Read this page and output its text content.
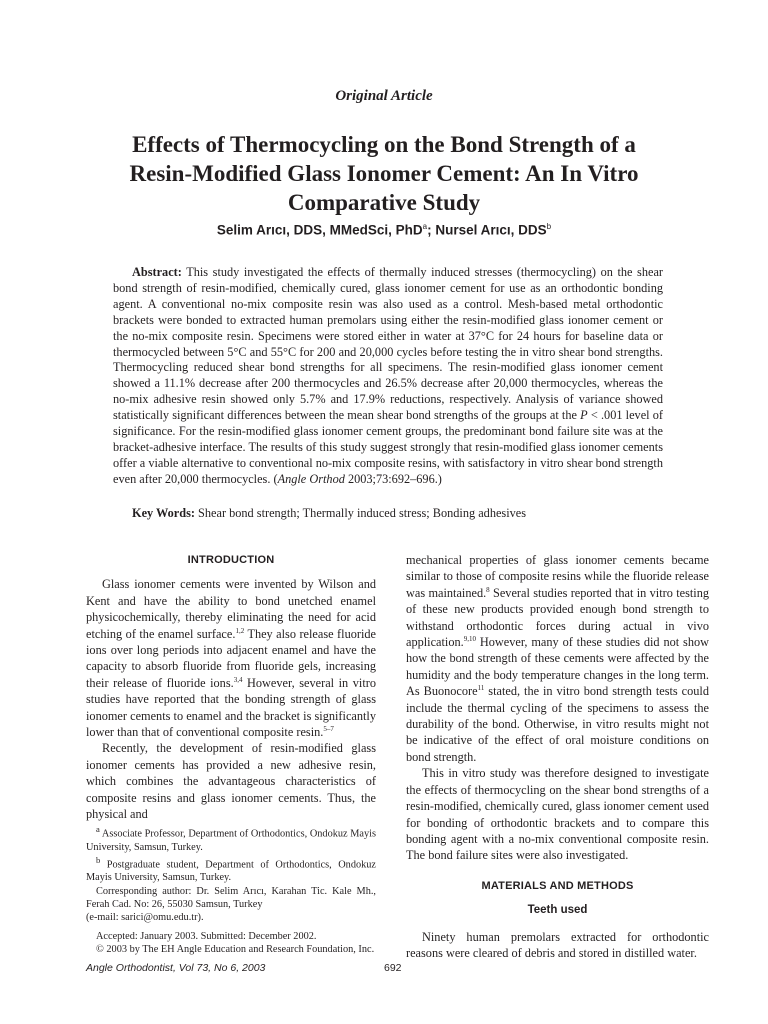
Original Article
Effects of Thermocycling on the Bond Strength of a Resin-Modified Glass Ionomer Cement: An In Vitro Comparative Study
Selim Arıcı, DDS, MMedSci, PhD$^a$; Nursel Arıcı, DDS$^b$

Abstract: This study investigated the effects of thermally induced stresses (thermocycling) on the shear bond strength of resin-modified, chemically cured, glass ionomer cement for use as an orthodontic bonding agent. A conventional no-mix composite resin was also used as a control. Mesh-based metal orthodontic brackets were bonded to extracted human premolars using either the resin-modified glass ionomer cement or the no-mix composite resin. Specimens were stored either in water at 37°C for 24 hours for baseline data or thermocycled between 5°C and 55°C for 200 and 20,000 cycles before testing the in vitro shear bond strengths. Thermocycling reduced shear bond strengths for all specimens. The resin-modified glass ionomer cement showed a 11.1% decrease after 200 thermocycles and 26.5% decrease after 20,000 thermocycles, whereas the no-mix adhesive resin showed only 5.7% and 17.9% reductions, respectively. Analysis of variance showed statistically significant differences between the mean shear bond strengths of the groups at the P < .001 level of significance. For the resin-modified glass ionomer cement groups, the predominant bond failure site was at the bracket-adhesive interface. The results of this study suggest strongly that resin-modified glass ionomer cements offer a viable alternative to conventional no-mix composite resins, with satisfactory in vitro shear bond strength even after 20,000 thermocycles. (Angle Orthod 2003;73:692–696.)

Key Words: Shear bond strength; Thermally induced stress; Bonding adhesives

INTRODUCTION

Glass ionomer cements were invented by Wilson and Kent and have the ability to bond unetched enamel physicochemically, thereby eliminating the need for acid etching of the enamel surface.$^{1,2}$ They also release fluoride ions over long periods into adjacent enamel and have the capacity to absorb fluoride from fluoride gels, increasing their release of fluoride ions.$^{3,4}$ However, several in vitro studies have reported that the bonding strength of glass ionomer cements to enamel and the bracket is significantly lower than that of conventional composite resin.$^{5-7}$

Recently, the development of resin-modified glass ionomer cements has provided a new adhesive resin, which combines the advantageous characteristics of composite resins and glass ionomer cements. Thus, the physical and

$^a$ Associate Professor, Department of Orthodontics, Ondokuz Mayis University, Samsun, Turkey.

$^b$ Postgraduate student, Department of Orthodontics, Ondokuz Mayis University, Samsun, Turkey.

Corresponding author: Dr. Selim Arıcı, Karahan Tic. Kale Mh., Ferah Cad. No: 26, 55030 Samsun, Turkey

(e-mail: sarici@omu.edu.tr).

Accepted: January 2003. Submitted: December 2002.

© 2003 by The EH Angle Education and Research Foundation, Inc.

mechanical properties of glass ionomer cements became similar to those of composite resins while the fluoride release was maintained.$^8$ Several studies reported that in vitro testing of these new products provided enough bond strength to withstand orthodontic forces during actual in vivo application.$^{9,10}$ However, many of these studies did not show how the bond strength of these cements were affected by the humidity and the body temperature changes in the long term. As Buonocore$^{11}$ stated, the in vitro bond strength tests could include the thermal cycling of the specimens to assess the durability of the bond. Otherwise, in vitro results might not be indicative of the effect of oral moisture conditions on bond strength.

This in vitro study was therefore designed to investigate the effects of thermocycling on the shear bond strengths of a resin-modified, chemically cured, glass ionomer cement used for bonding of orthodontic brackets and to compare this bonding agent with a no-mix conventional composite resin. The bond failure sites were also investigated.

MATERIALS AND METHODS
Teeth used

Ninety human premolars extracted for orthodontic reasons were cleared of debris and stored in distilled water.

Angle Orthodontist, Vol 73, No 6, 2003	692
